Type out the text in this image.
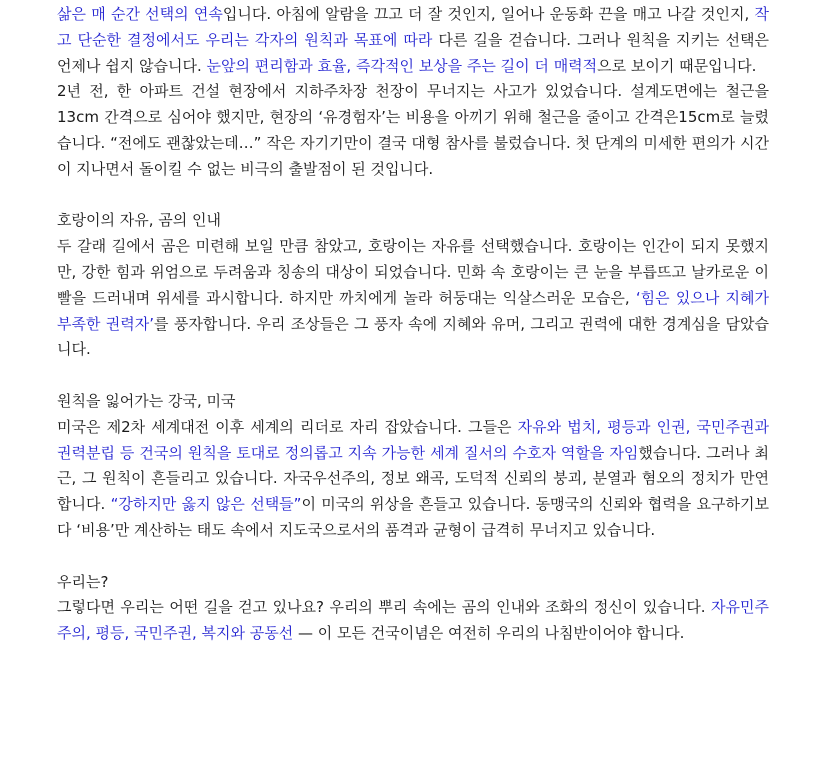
삶은 매 순간 선택의 연속입니다. 아침에 알람을 끄고 더 잘 것인지, 일어나 운동화 끈을 매고 나갈 것인지, 작고 단순한 결정에서도 우리는 각자의 원칙과 목표에 따라 다른 길을 걷습니다. 그러나 원칙을 지키는 선택은 언제나 쉽지 않습니다. 눈앞의 편리함과 효율, 즉각적인 보상을 주는 길이 더 매력적으로 보이기 때문입니다.

2년 전, 한 아파트 건설 현장에서 지하주차장 천장이 무너지는 사고가 있었습니다. 설계도면에는 철근을 13cm 간격으로 심어야 했지만, 현장의 ‘유경험자’는 비용을 아끼기 위해 철근을 줄이고 간격은15cm로 늘렸습니다. “전에도 괜찮았는데…” 작은 자기기만이 결국 대형 참사를 불렀습니다. 첫 단계의 미세한 편의가 시간이 지나면서 돌이킬 수 없는 비극의 출발점이 된 것입니다.

호랑이의 자유, 곰의 인내

두 갈래 길에서 곰은 미련해 보일 만큼 참았고, 호랑이는 자유를 선택했습니다. 호랑이는 인간이 되지 못했지만, 강한 힘과 위엄으로 두려움과 칭송의 대상이 되었습니다. 민화 속 호랑이는 큰 눈을 부릅뜨고 날카로운 이빨을 드러내며 위세를 과시합니다. 하지만 까치에게 놀라 허둥대는 익살스러운 모습은, ‘힘은 있으나 지혜가 부족한 권력자’를 풍자합니다. 우리 조상들은 그 풍자 속에 지혜와 유머, 그리고 권력에 대한 경계심을 담았습니다.

원칙을 잃어가는 강국, 미국

미국은 제2차 세계대전 이후 세계의 리더로 자리 잡았습니다. 그들은 자유와 법치, 평등과 인권, 국민주권과 권력분립 등 건국의 원칙을 토대로 정의롭고 지속 가능한 세계 질서의 수호자 역할을 자임했습니다. 그러나 최근, 그 원칙이 흔들리고 있습니다. 자국우선주의, 정보 왜곡, 도덕적 신뢰의 붕괴, 분열과 혐오의 정치가 만연합니다. “강하지만 옳지 않은 선택들”이 미국의 위상을 흔들고 있습니다. 동맹국의 신뢰와 협력을 요구하기보다 ‘비용’만 계산하는 태도 속에서 지도국으로서의 품격과 균형이 급격히 무너지고 있습니다.

우리는?

그렇다면 우리는 어떤 길을 걷고 있나요? 우리의 뿌리 속에는 곰의 인내와 조화의 정신이 있습니다. 자유민주주의, 평등, 국민주권, 복지와 공동선 — 이 모든 건국이념은 여전히 우리의 나침반이어야 합니다.
